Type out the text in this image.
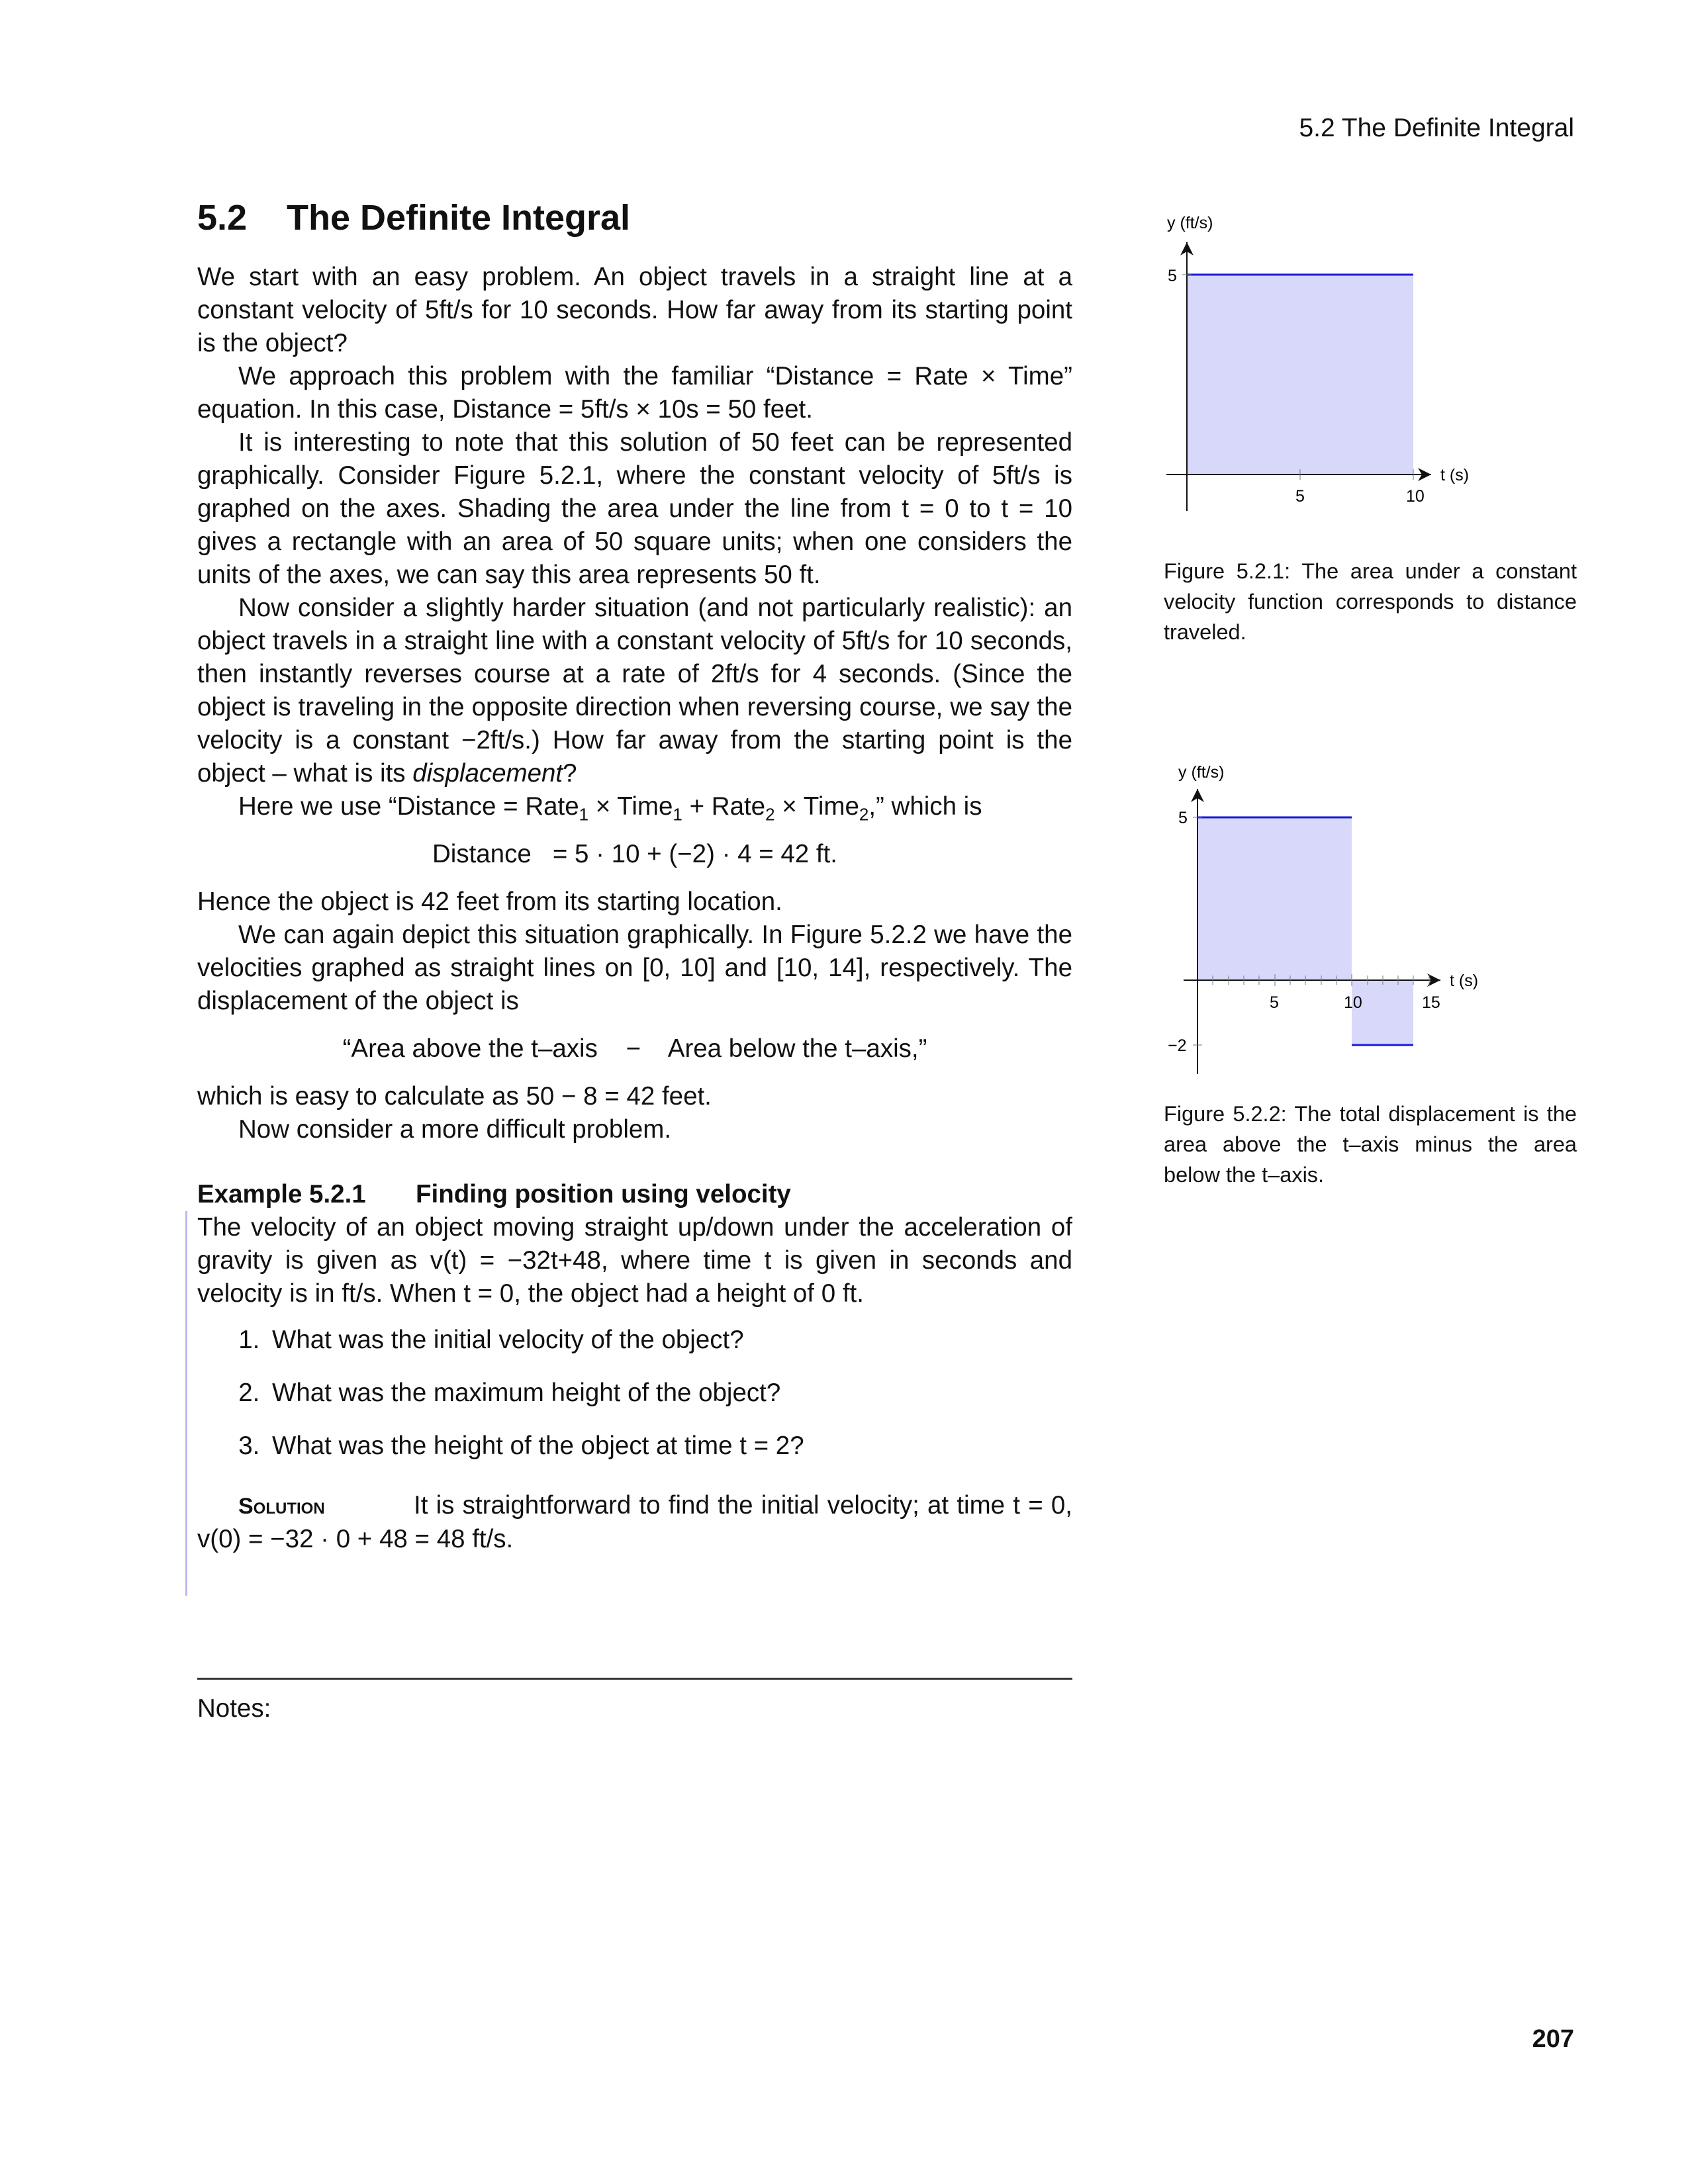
5.2 The Definite Integral
5.2 The Definite Integral

We start with an easy problem. An object travels in a straight line at a constant velocity of 5ft/s for 10 seconds. How far away from its starting point is the object?

We approach this problem with the familiar “Distance = Rate × Time” equation. In this case, Distance = 5ft/s × 10s = 50 feet.

It is interesting to note that this solution of 50 feet can be represented graphically. Consider Figure 5.2.1, where the constant velocity of 5ft/s is graphed on the axes. Shading the area under the line from t = 0 to t = 10 gives a rectangle with an area of 50 square units; when one considers the units of the axes, we can say this area represents 50 ft.

Now consider a slightly harder situation (and not particularly realistic): an object travels in a straight line with a constant velocity of 5ft/s for 10 seconds, then instantly reverses course at a rate of 2ft/s for 4 seconds. (Since the object is traveling in the opposite direction when reversing course, we say the velocity is a constant −2ft/s.) How far away from the starting point is the object – what is its displacement?

Here we use “Distance = Rate$_1$ × Time$_1$ + Rate$_2$ × Time$_2$,” which is

Distance   = 5 · 10 + (−2) · 4 = 42 ft.

Hence the object is 42 feet from its starting location.

We can again depict this situation graphically. In Figure 5.2.2 we have the velocities graphed as straight lines on [0, 10] and [10, 14], respectively. The displacement of the object is

“Area above the t–axis    −    Area below the t–axis,”

which is easy to calculate as 50 − 8 = 42 feet.

Now consider a more difficult problem.

Example 5.2.1 Finding position using velocity

The velocity of an object moving straight up/down under the acceleration of gravity is given as v(t) = −32t+48, where time t is given in seconds and velocity is in ft/s. When t = 0, the object had a height of 0 ft.

1. What was the initial velocity of the object?
2. What was the maximum height of the object?
3. What was the height of the object at time t = 2?

Solution	It is straightforward to find the initial velocity; at time t = 0, v(0) = −32 · 0 + 48 = 48 ft/s.

Notes:
y (ft/s)
5
5	10
t (s)
Figure 5.2.1: The area under a constant velocity function corresponds to distance traveled.
y (ft/s)
5
−2
5	10	15
t (s)
Figure 5.2.2: The total displacement is the area above the t–axis minus the area below the t–axis.
207
